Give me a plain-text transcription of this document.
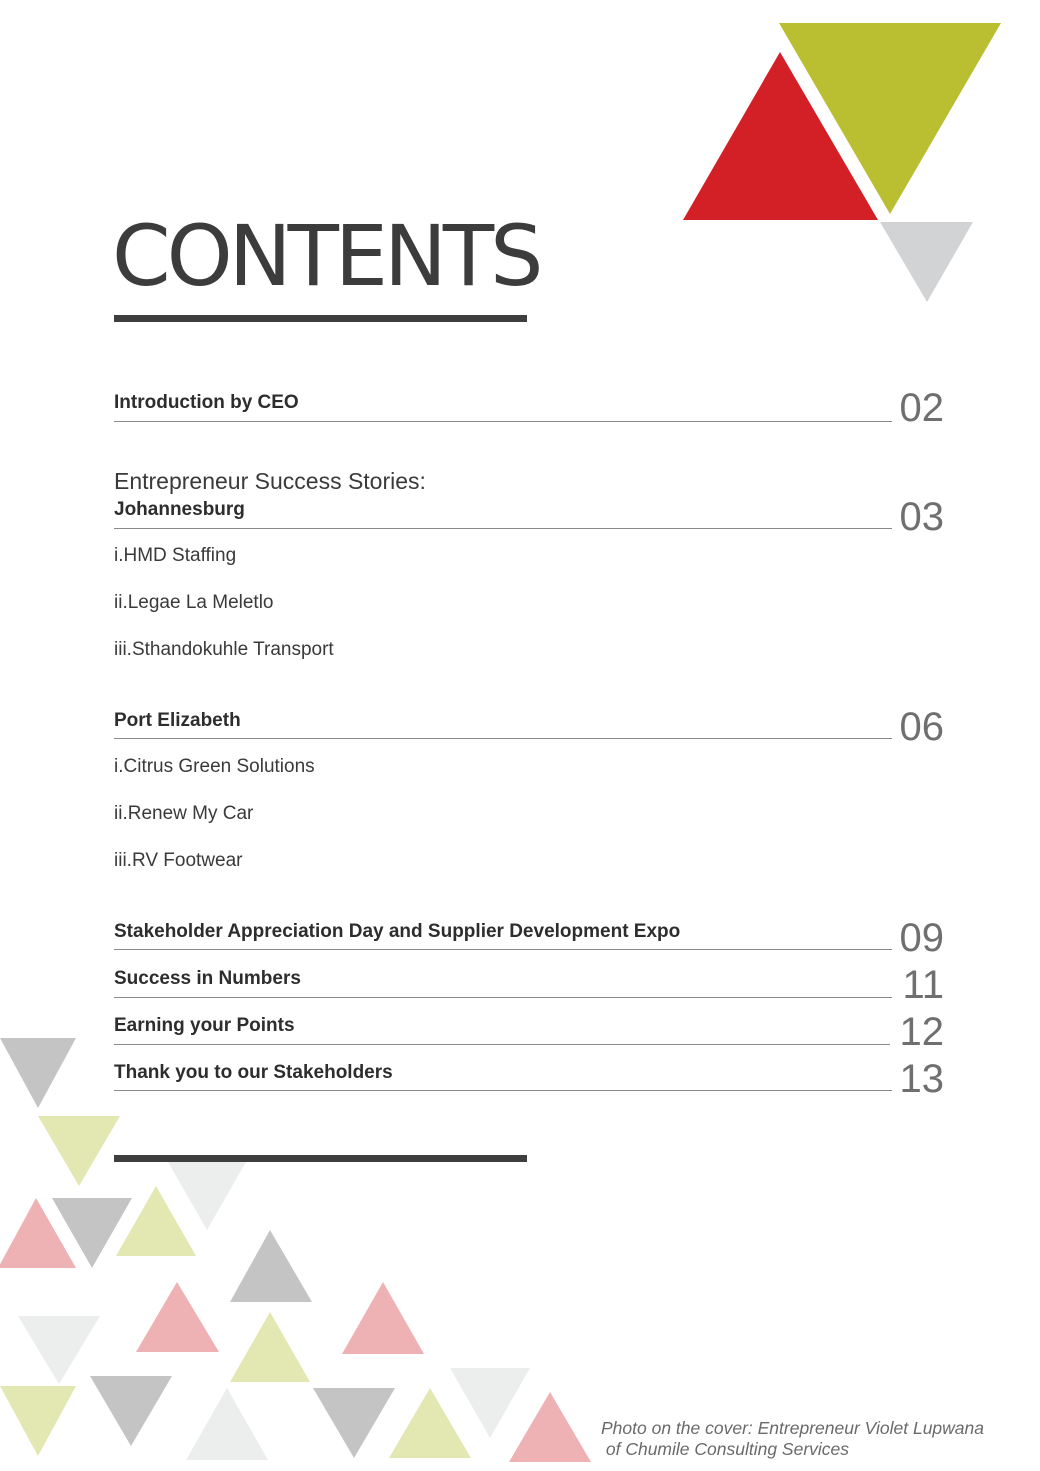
CONTENTS
Introduction by CEO	02
Entrepreneur Success Stories:
Johannesburg	03
i.HMD Staffing
ii.Legae La Meletlo
iii.Sthandokuhle Transport
Port Elizabeth	06
i.Citrus Green Solutions
ii.Renew My Car
iii.RV Footwear
Stakeholder Appreciation Day and Supplier Development Expo	09
Success in Numbers	11
Earning your Points	12
Thank you to our Stakeholders	13
Photo on the cover: Entrepreneur Violet Lupwana
of Chumile Consulting Services
